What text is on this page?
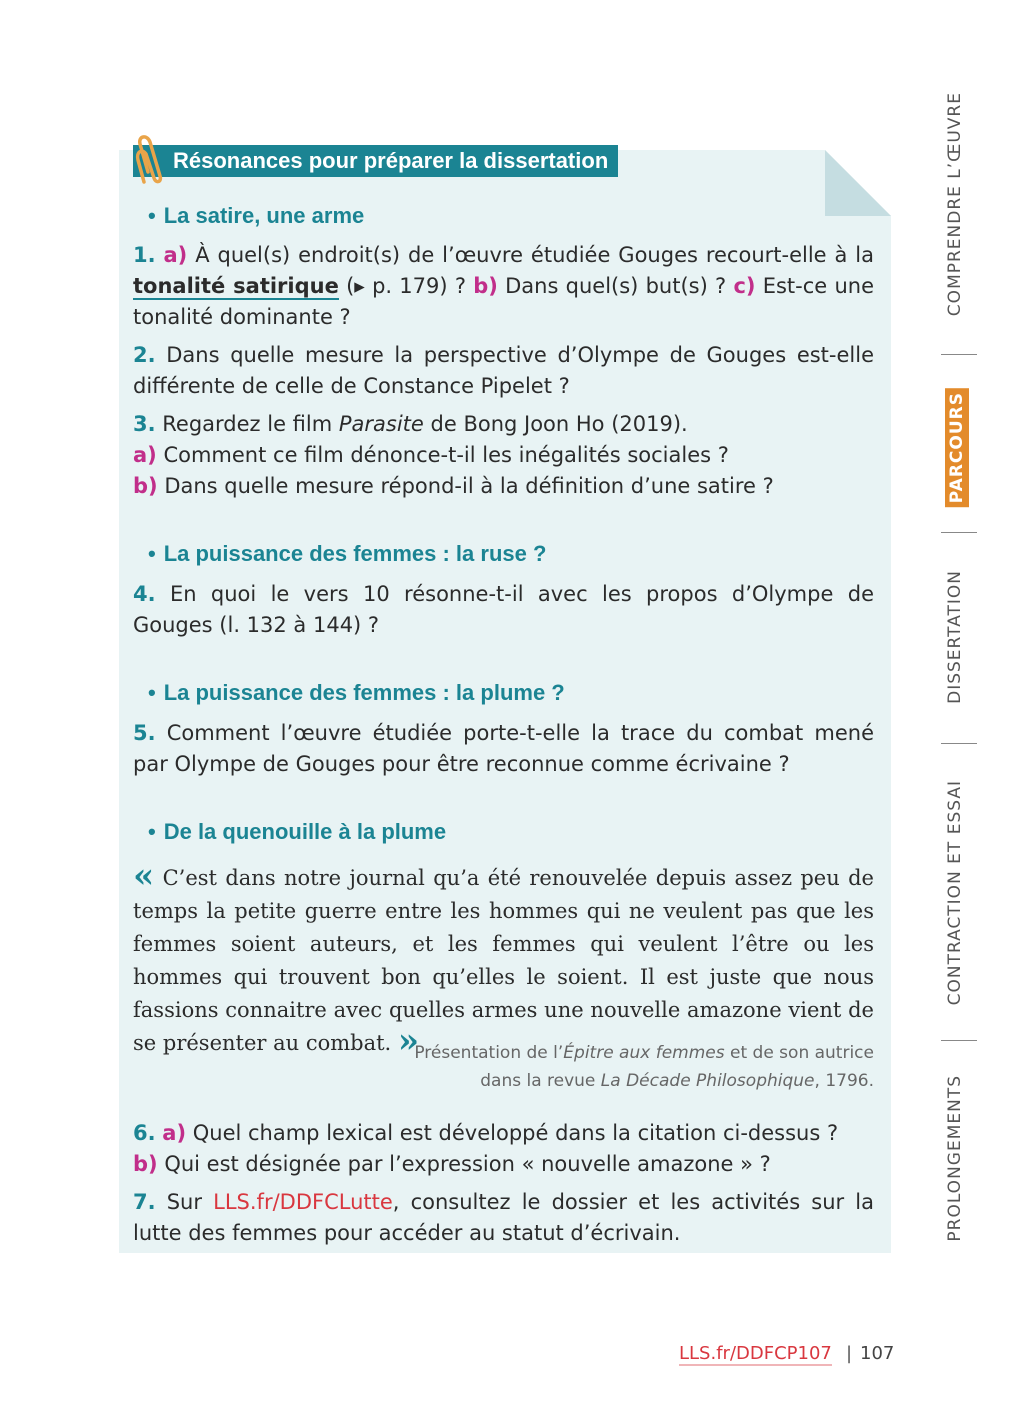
Résonances pour préparer la dissertation
• La satire, une arme
1. a) À quel(s) endroit(s) de l’œuvre étudiée Gouges recourt-elle à la tonalité satirique (▸ p. 179) ? b) Dans quel(s) but(s) ? c) Est-ce une tonalité dominante ?
2. Dans quelle mesure la perspective d’Olympe de Gouges est-elle différente de celle de Constance Pipelet ?
3. Regardez le film Parasite de Bong Joon Ho (2019).
a) Comment ce film dénonce-t-il les inégalités sociales ?
b) Dans quelle mesure répond-il à la définition d’une satire ?
• La puissance des femmes : la ruse ?
4. En quoi le vers 10 résonne-t-il avec les propos d’Olympe de Gouges (l. 132 à 144) ?
• La puissance des femmes : la plume ?
5. Comment l’œuvre étudiée porte-t-elle la trace du combat mené par Olympe de Gouges pour être reconnue comme écrivaine ?
• De la quenouille à la plume
« C’est dans notre journal qu’a été renouvelée depuis assez peu de temps la petite guerre entre les hommes qui ne veulent pas que les femmes soient auteurs, et les femmes qui veulent l’être ou les hommes qui trouvent bon qu’elles le soient. Il est juste que nous fassions connaitre avec quelles armes une nouvelle amazone vient de se présenter au combat. »
Présentation de l’Épitre aux femmes et de son autrice
dans la revue La Décade Philosophique, 1796.
6. a) Quel champ lexical est développé dans la citation ci-dessus ?
b) Qui est désignée par l’expression « nouvelle amazone » ?
7. Sur LLS.fr/DDFCLutte, consultez le dossier et les activités sur la lutte des femmes pour accéder au statut d’écrivain.
COMPRENDRE L’ŒUVRE
PARCOURS
DISSERTATION
CONTRACTION ET ESSAI
PROLONGEMENTS
LLS.fr/DDFCP107 | 107
